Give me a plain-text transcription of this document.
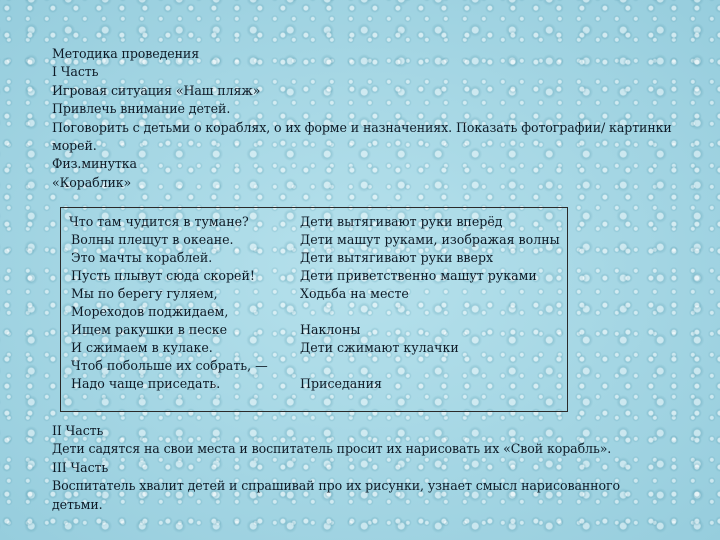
Методика проведения
I Часть
Игровая ситуация «Наш пляж»
Привлечь внимание детей.
Поговорить с детьми о кораблях, о их форме и назначениях. Показать фотографии/ картинки
морей.
Физ.минутка
«Кораблик»
Что там чудится в тумане?	Дети вытягивают руки вперёд
Волны плещут в океане.	Дети машут руками, изображая волны
Это мачты кораблей.	Дети вытягивают руки вверх
Пусть плывут сюда скорей!	Дети приветственно машут руками
Мы по берегу гуляем,	Ходьба на месте
Мореходов поджидаем,
Ищем ракушки в песке	Наклоны
И сжимаем в кулаке.	Дети сжимают кулачки
Чтоб побольше их собрать, —
Надо чаще приседать.	Приседания
II Часть
Дети садятся на свои места и воспитатель просит их нарисовать их «Свой корабль».
III Часть
Воспитатель хвалит детей и спрашивай про их рисунки, узнает смысл нарисованного
детьми.
